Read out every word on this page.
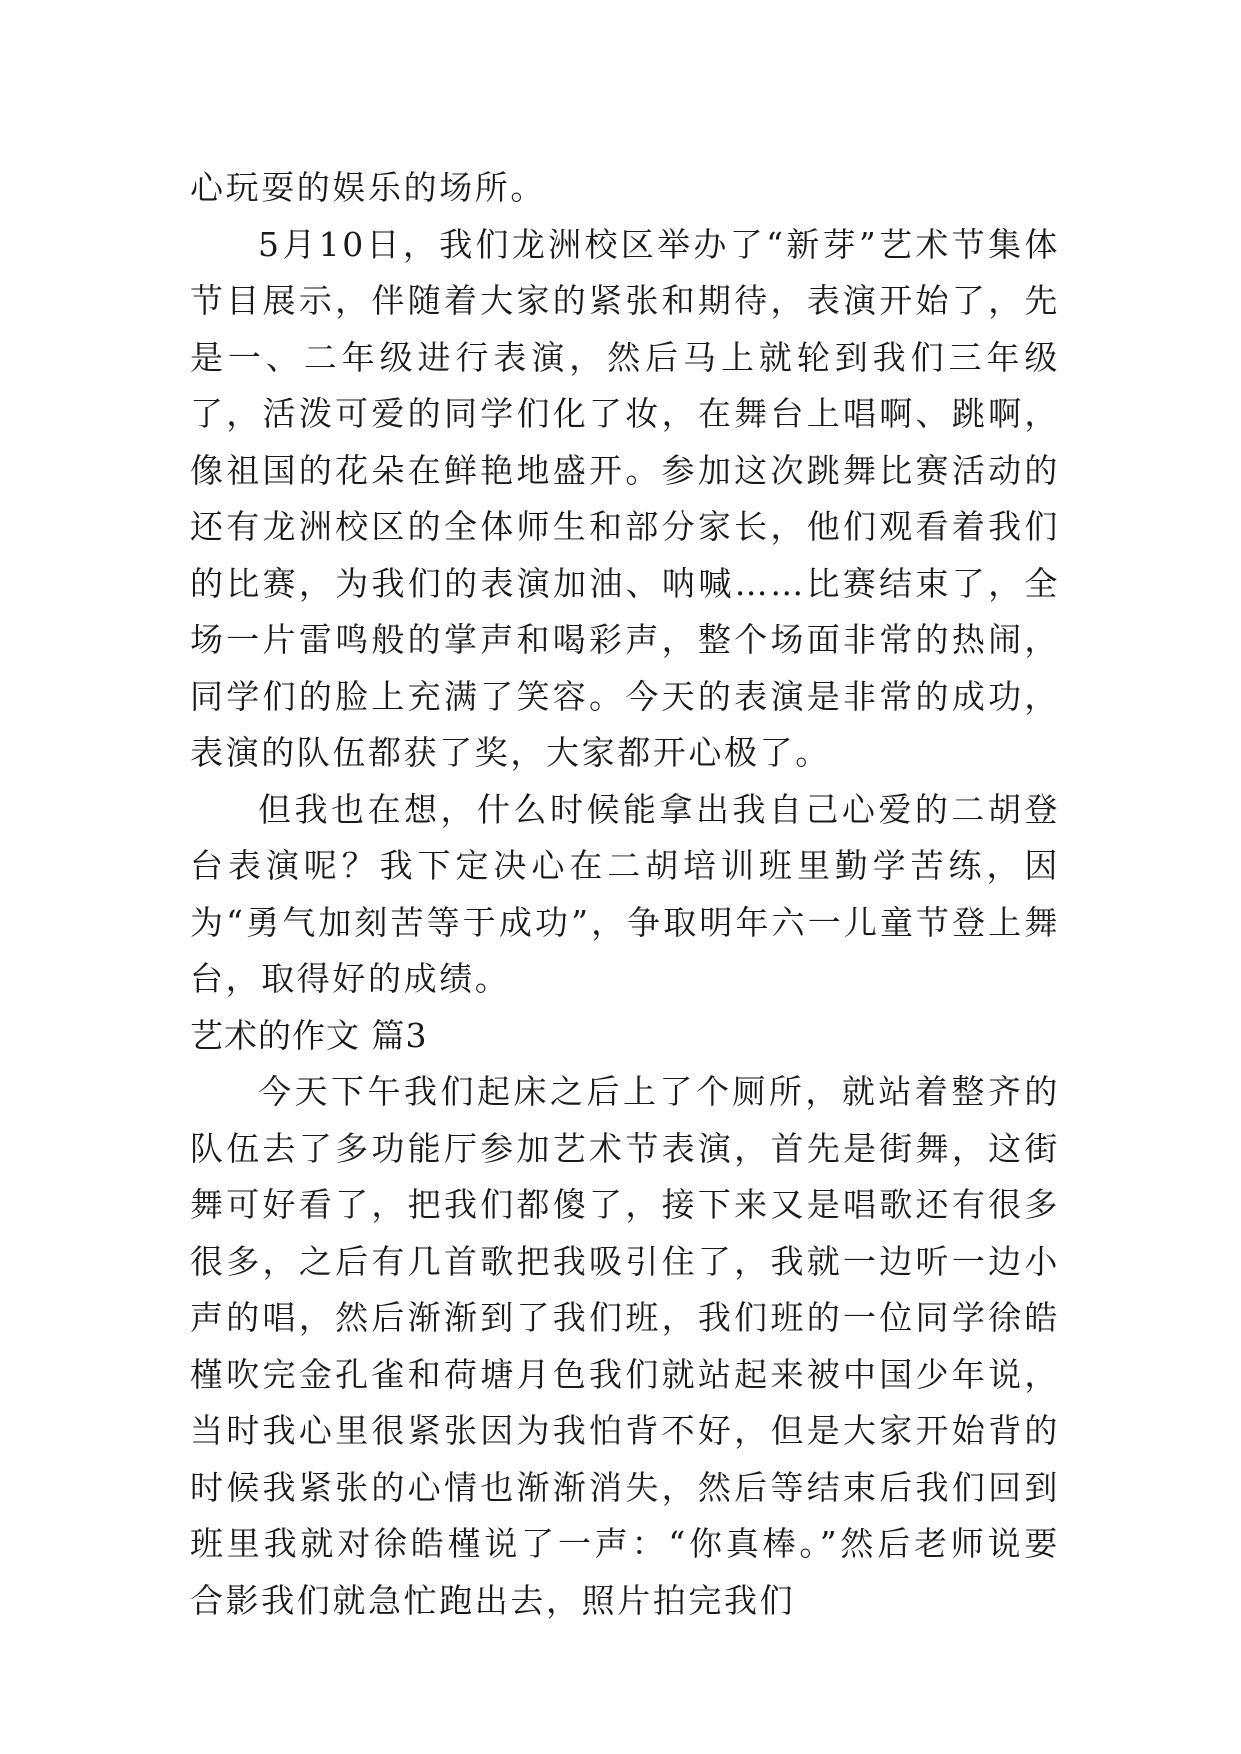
心玩耍的娱乐的场所。

5月10日，我们龙洲校区举办了“新芽”艺术节集体节目展示，伴随着大家的紧张和期待，表演开始了，先是一、二年级进行表演，然后马上就轮到我们三年级了，活泼可爱的同学们化了妆，在舞台上唱啊、跳啊，像祖国的花朵在鲜艳地盛开。参加这次跳舞比赛活动的还有龙洲校区的全体师生和部分家长，他们观看着我们的比赛，为我们的表演加油、呐喊……比赛结束了，全场一片雷鸣般的掌声和喝彩声，整个场面非常的热闹，同学们的脸上充满了笑容。今天的表演是非常的成功，表演的队伍都获了奖，大家都开心极了。

但我也在想，什么时候能拿出我自己心爱的二胡登台表演呢？我下定决心在二胡培训班里勤学苦练，因为“勇气加刻苦等于成功”，争取明年六一儿童节登上舞台，取得好的成绩。

艺术的作文 篇3

今天下午我们起床之后上了个厕所，就站着整齐的队伍去了多功能厅参加艺术节表演，首先是街舞，这街舞可好看了，把我们都傻了，接下来又是唱歌还有很多很多，之后有几首歌把我吸引住了，我就一边听一边小声的唱，然后渐渐到了我们班，我们班的一位同学徐皓槿吹完金孔雀和荷塘月色我们就站起来被中国少年说，当时我心里很紧张因为我怕背不好，但是大家开始背的时候我紧张的心情也渐渐消失，然后等结束后我们回到班里我就对徐皓槿说了一声：“你真棒。”然后老师说要合影我们就急忙跑出去，照片拍完我们
